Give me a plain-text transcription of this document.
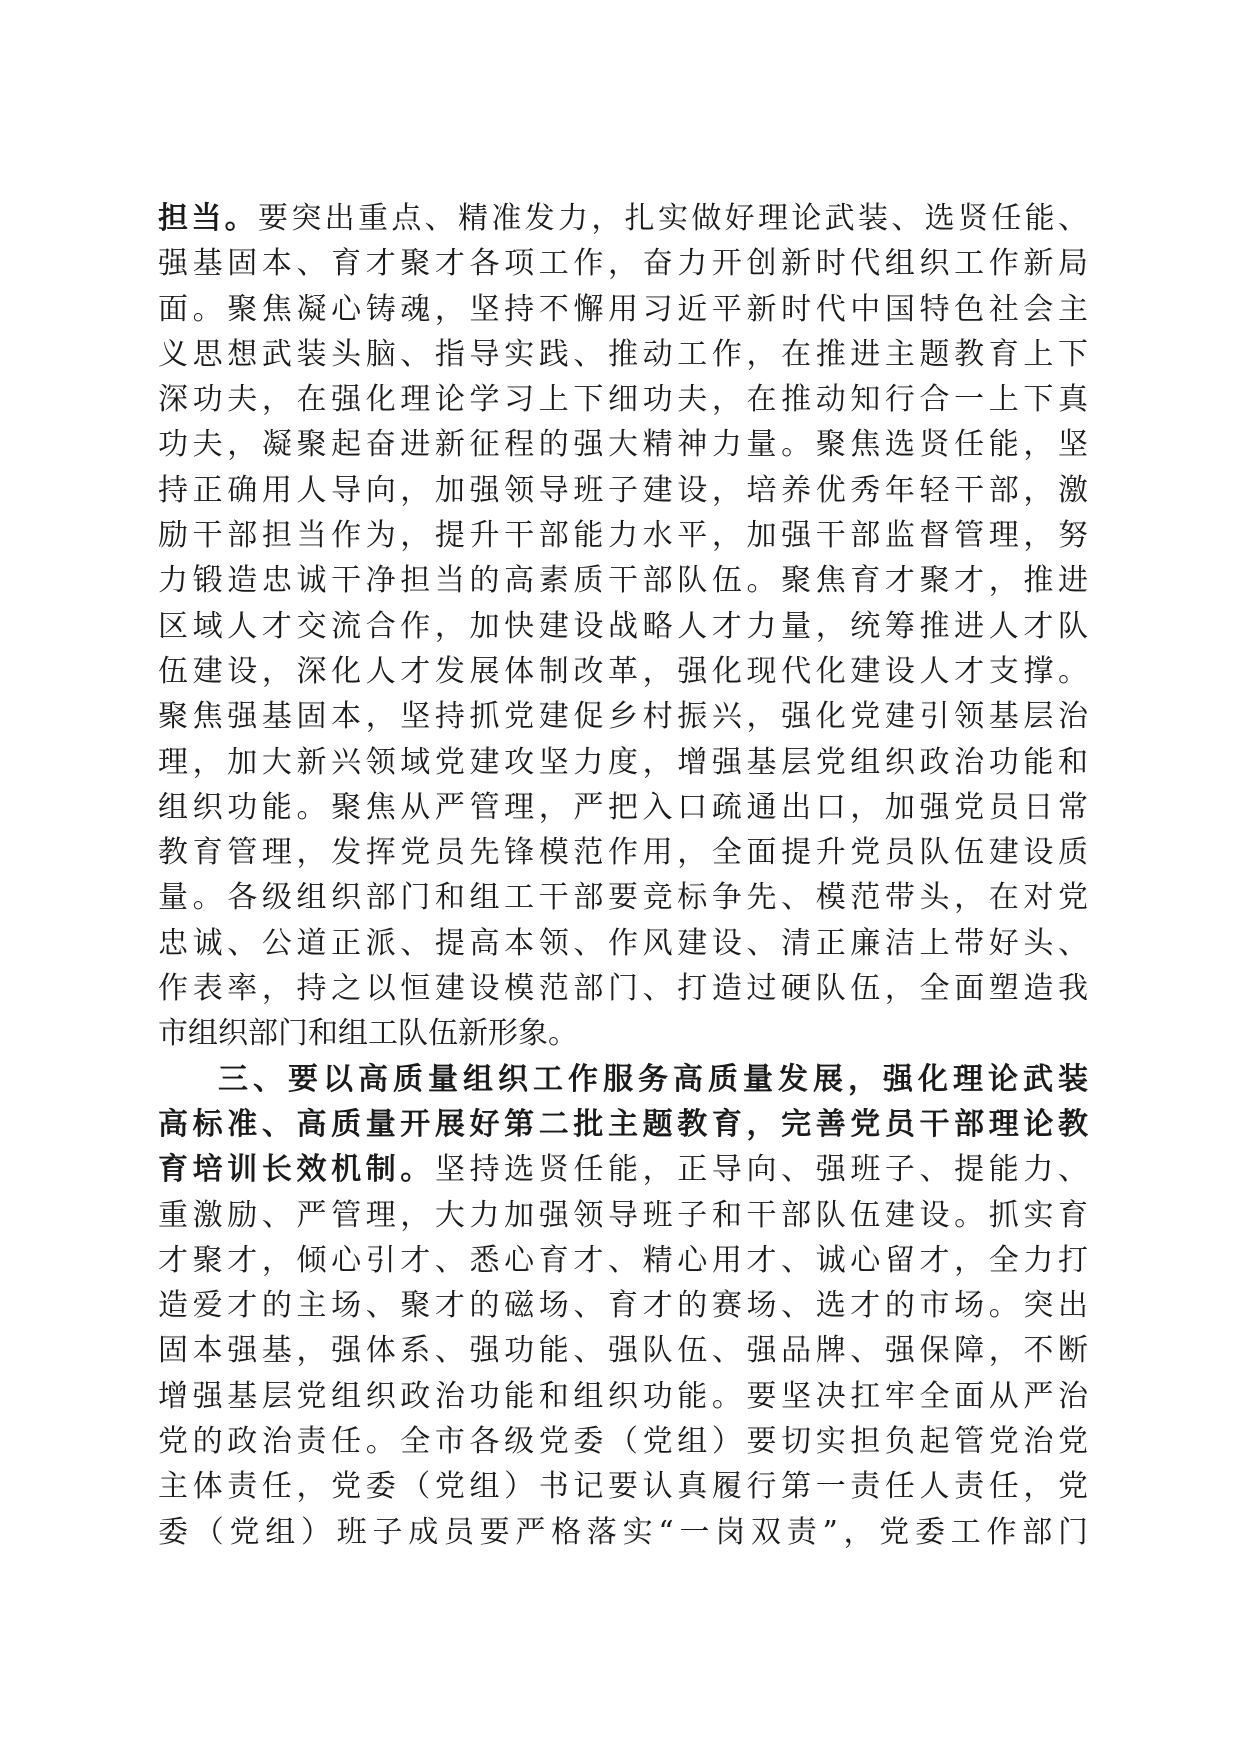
担当。要突出重点、精准发力，扎实做好理论武装、选贤任能、
强基固本、育才聚才各项工作，奋力开创新时代组织工作新局
面。聚焦凝心铸魂，坚持不懈用习近平新时代中国特色社会主
义思想武装头脑、指导实践、推动工作，在推进主题教育上下
深功夫，在强化理论学习上下细功夫，在推动知行合一上下真
功夫，凝聚起奋进新征程的强大精神力量。聚焦选贤任能，坚
持正确用人导向，加强领导班子建设，培养优秀年轻干部，激
励干部担当作为，提升干部能力水平，加强干部监督管理，努
力锻造忠诚干净担当的高素质干部队伍。聚焦育才聚才，推进
区域人才交流合作，加快建设战略人才力量，统筹推进人才队
伍建设，深化人才发展体制改革，强化现代化建设人才支撑。
聚焦强基固本，坚持抓党建促乡村振兴，强化党建引领基层治
理，加大新兴领域党建攻坚力度，增强基层党组织政治功能和
组织功能。聚焦从严管理，严把入口疏通出口，加强党员日常
教育管理，发挥党员先锋模范作用，全面提升党员队伍建设质
量。各级组织部门和组工干部要竞标争先、模范带头，在对党
忠诚、公道正派、提高本领、作风建设、清正廉洁上带好头、
作表率，持之以恒建设模范部门、打造过硬队伍，全面塑造我
市组织部门和组工队伍新形象。
三、要以高质量组织工作服务高质量发展，强化理论武装
高标准、高质量开展好第二批主题教育，完善党员干部理论教
育培训长效机制。坚持选贤任能，正导向、强班子、提能力、
重激励、严管理，大力加强领导班子和干部队伍建设。抓实育
才聚才，倾心引才、悉心育才、精心用才、诚心留才，全力打
造爱才的主场、聚才的磁场、育才的赛场、选才的市场。突出
固本强基，强体系、强功能、强队伍、强品牌、强保障，不断
增强基层党组织政治功能和组织功能。要坚决扛牢全面从严治
党的政治责任。全市各级党委（党组）要切实担负起管党治党
主体责任，党委（党组）书记要认真履行第一责任人责任，党
委（党组）班子成员要严格落实“一岗双责”，党委工作部门
